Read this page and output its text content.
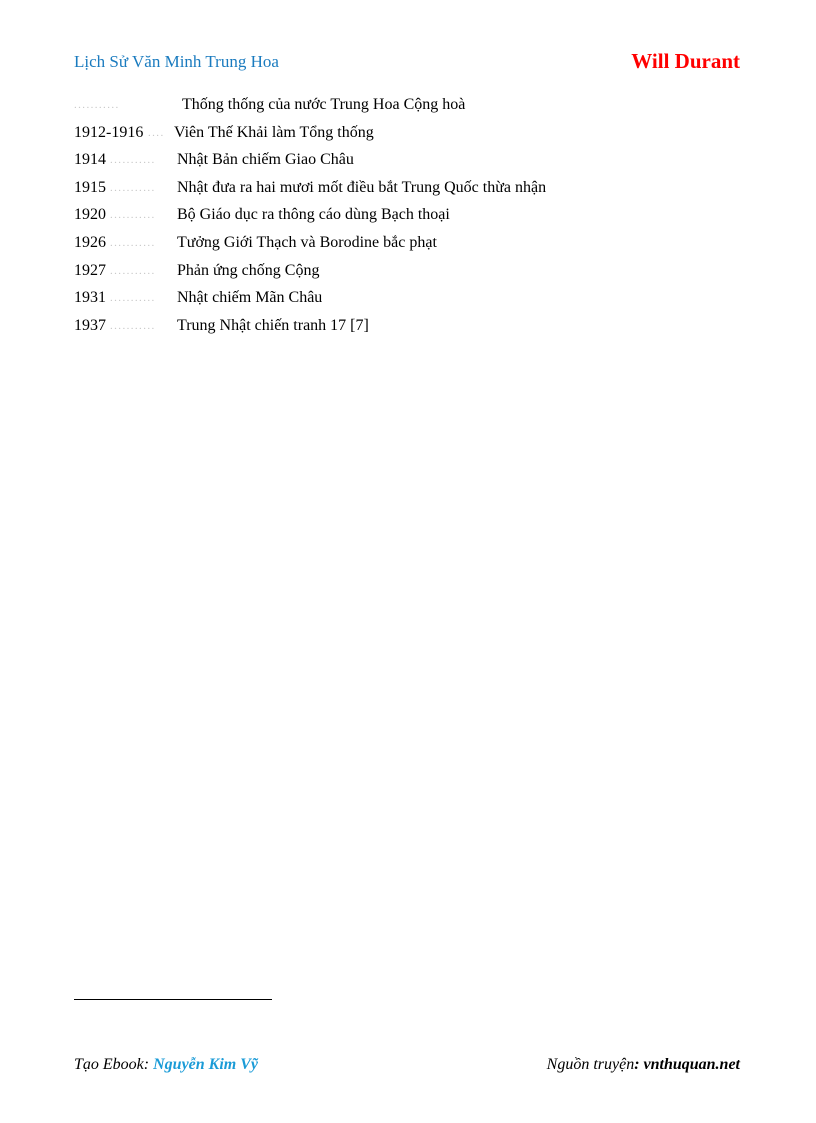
Lịch Sử Văn Minh Trung Hoa	Will Durant
...........	Thống thống của nước Trung Hoa Cộng hoà
1912-1916 .... Viên Thế Khải làm Tổng thống
1914 ........... Nhật Bản chiếm Giao Châu
1915 ........... Nhật đưa ra hai mươi mốt điều bắt Trung Quốc thừa nhận
1920 ........... Bộ Giáo dục ra thông cáo dùng Bạch thoại
1926 ........... Tưởng Giới Thạch và Borodine bắc phạt
1927 ........... Phản ứng chống Cộng
1931 ........... Nhật chiếm Mãn Châu
1937 ........... Trung Nhật chiến tranh 17 [7]
Tạo Ebook: Nguyễn Kim Vỹ	Nguồn truyện: vnthuquan.net
